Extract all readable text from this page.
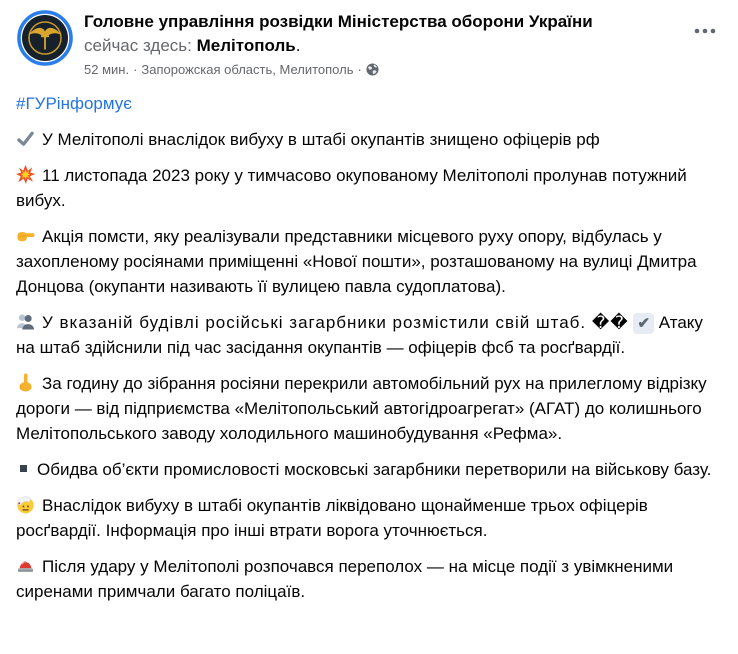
Головне управління розвідки Міністерства оборони України
сейчас здесь: Мелітополь.
52 мин. · Запорожская область, Мелитополь ·

#ГУРінформує

У Мелітополі внаслідок вибуху в штабі окупантів знищено офіцерів рф

11 листопада 2023 року у тимчасово окупованому Мелітополі пролунав потужний вибух.

Акція помсти, яку реалізували представники місцевого руху опору, відбулась у захопленому росіянами приміщенні «Нової пошти», розташованому на вулиці Дмитра Донцова (окупанти називають її вулицею павла судоплатова).

У вказаній будівлі російські загарбники розмістили свій штаб. �� ✔ Атаку на штаб здійснили під час засідання окупантів — офіцерів фсб та росґвардії.

За годину до зібрання росіяни перекрили автомобільний рух на прилеглому відрізку дороги — від підприємства «Мелітопольський автогідроагрегат» (АГАТ) до колишнього Мелітопольського заводу холодильного машинобудування «Рефма».

Обидва об’єкти промисловості московські загарбники перетворили на військову базу.

Внаслідок вибуху в штабі окупантів ліквідовано щонайменше трьох офіцерів росґвардії. Інформація про інші втрати ворога уточнюється.

Після удару у Мелітополі розпочався переполох — на місце події з увімкненими сиренами примчали багато поліцаїв.
